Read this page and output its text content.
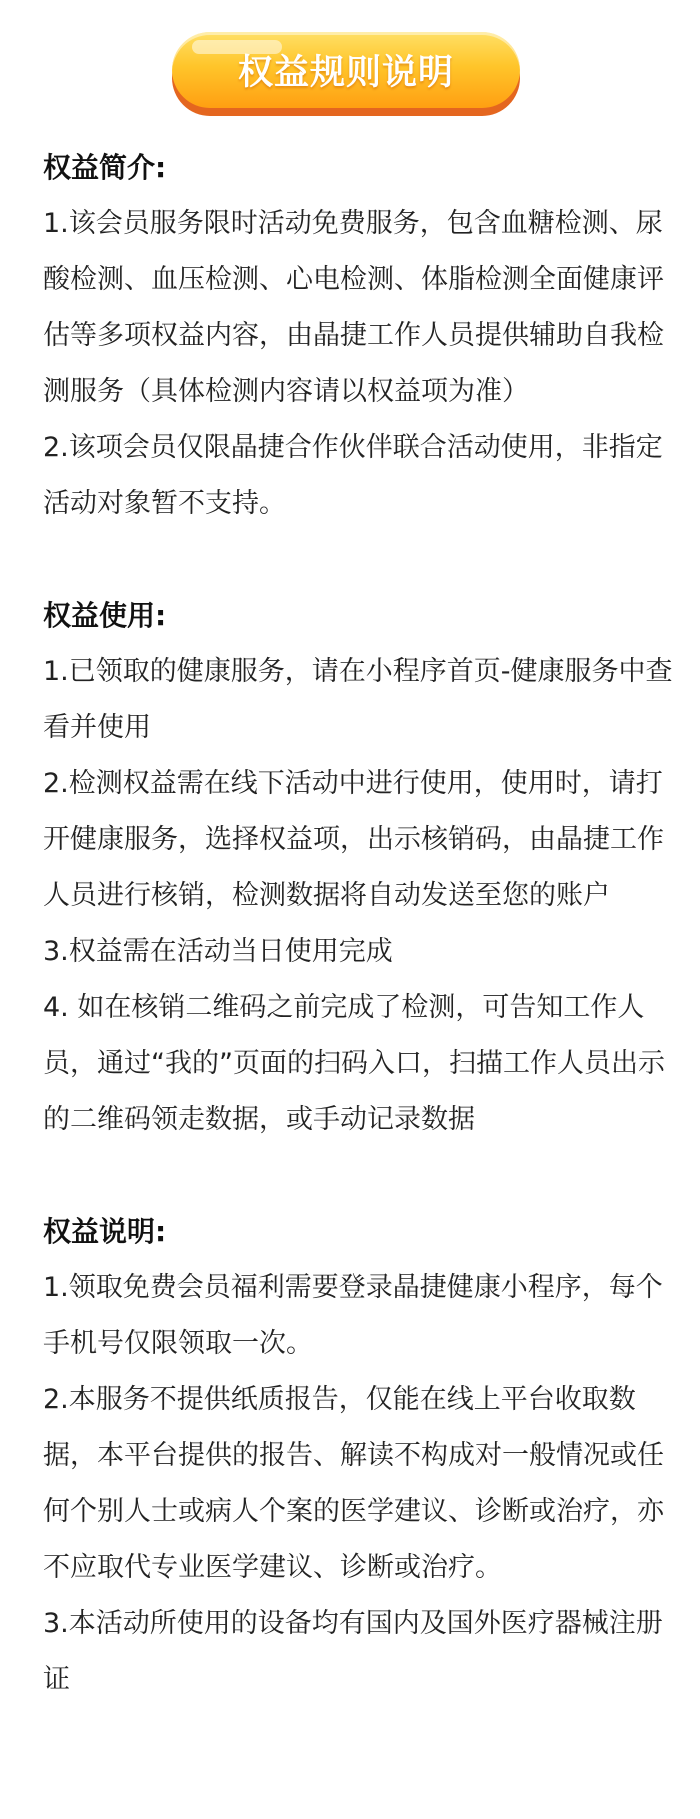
权益规则说明
权益简介:

1.该会员服务限时活动免费服务，包含血糖检测、尿酸检测、血压检测、心电检测、体脂检测全面健康评估等多项权益内容，由晶捷工作人员提供辅助自我检测服务（具体检测内容请以权益项为准）

2.该项会员仅限晶捷合作伙伴联合活动使用，非指定活动对象暂不支持。

权益使用:

1.已领取的健康服务，请在小程序首页-健康服务中查看并使用

2.检测权益需在线下活动中进行使用，使用时，请打开健康服务，选择权益项，出示核销码，由晶捷工作人员进行核销，检测数据将自动发送至您的账户

3.权益需在活动当日使用完成

4. 如在核销二维码之前完成了检测，可告知工作人员，通过“我的”页面的扫码入口，扫描工作人员出示的二维码领走数据，或手动记录数据

权益说明:

1.领取免费会员福利需要登录晶捷健康小程序，每个手机号仅限领取一次。

2.本服务不提供纸质报告，仅能在线上平台收取数据，本平台提供的报告、解读不构成对一般情况或任何个别人士或病人个案的医学建议、诊断或治疗，亦不应取代专业医学建议、诊断或治疗。

3.本活动所使用的设备均有国内及国外医疗器械注册证
